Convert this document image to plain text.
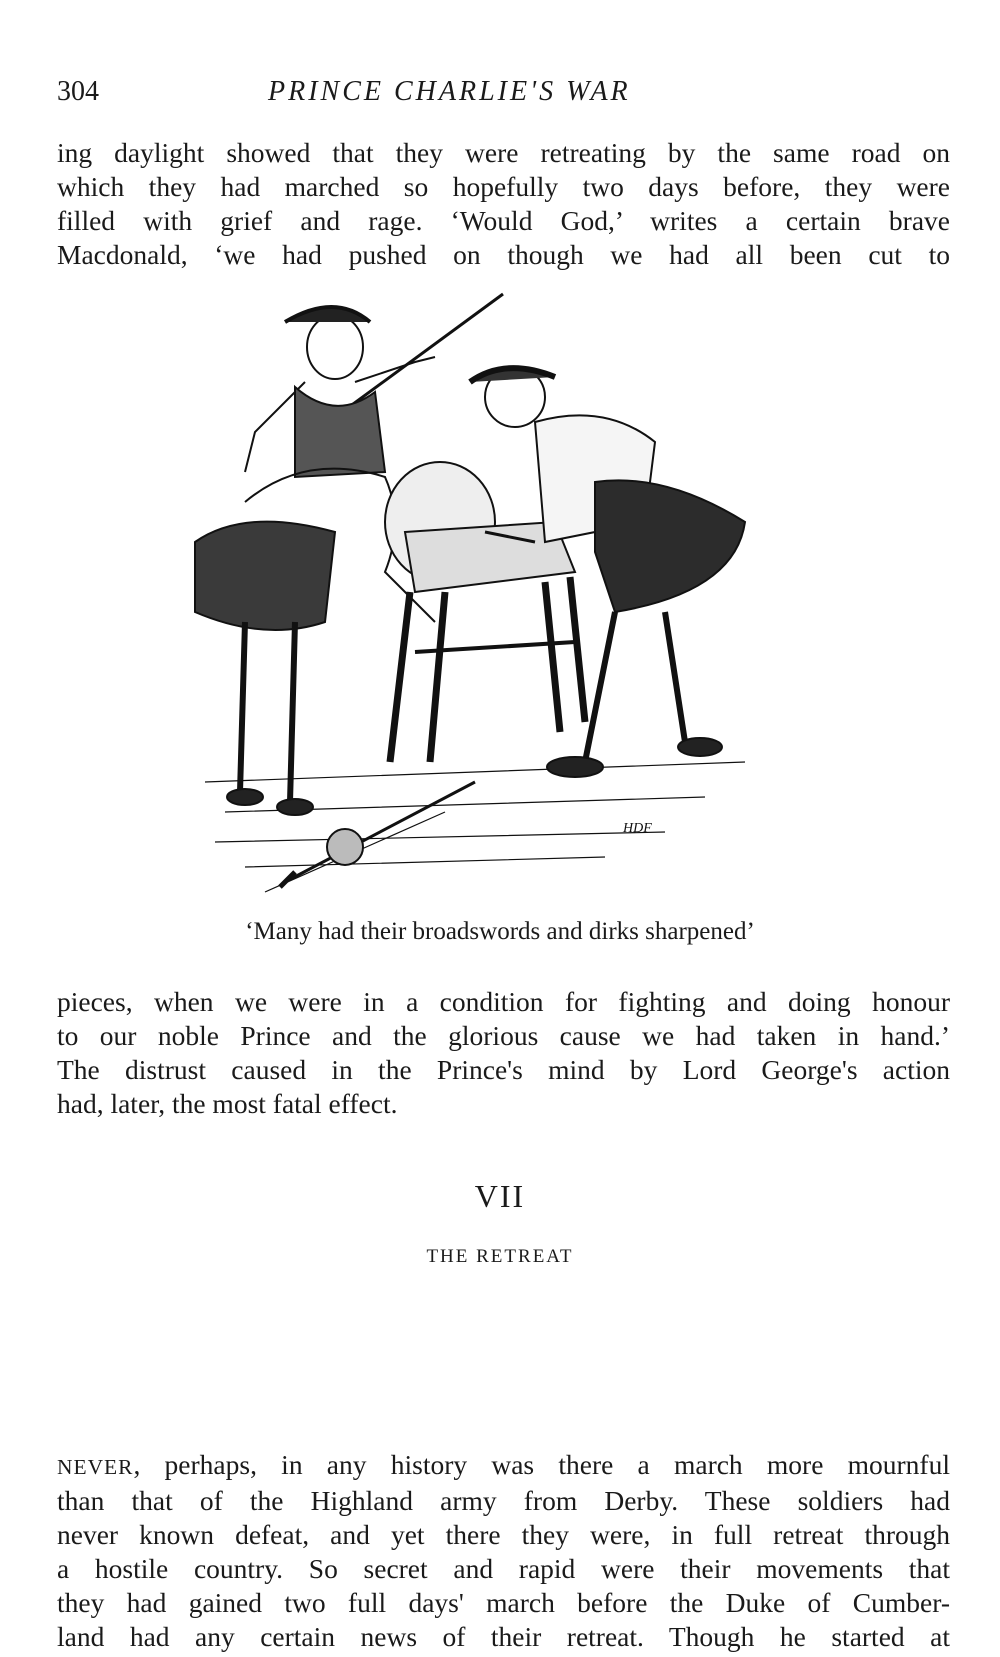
304	PRINCE CHARLIE'S WAR
ing daylight showed that they were retreating by the same road on
which they had marched so hopefully two days before, they were
filled with grief and rage. ‘Would God,’ writes a certain brave
Macdonald, ‘we had pushed on though we had all been cut to
HDF
‘Many had their broadswords and dirks sharpened’
pieces, when we were in a condition for fighting and doing honour
to our noble Prince and the glorious cause we had taken in hand.’
The distrust caused in the Prince's mind by Lord George's action
had, later, the most fatal effect.
VII
THE RETREAT
NEVER, perhaps, in any history was there a march more mournful
than that of the Highland army from Derby. These soldiers had
never known defeat, and yet there they were, in full retreat through
a hostile country. So secret and rapid were their movements that
they had gained two full days' march before the Duke of Cumber-
land had any certain news of their retreat. Though he started at
